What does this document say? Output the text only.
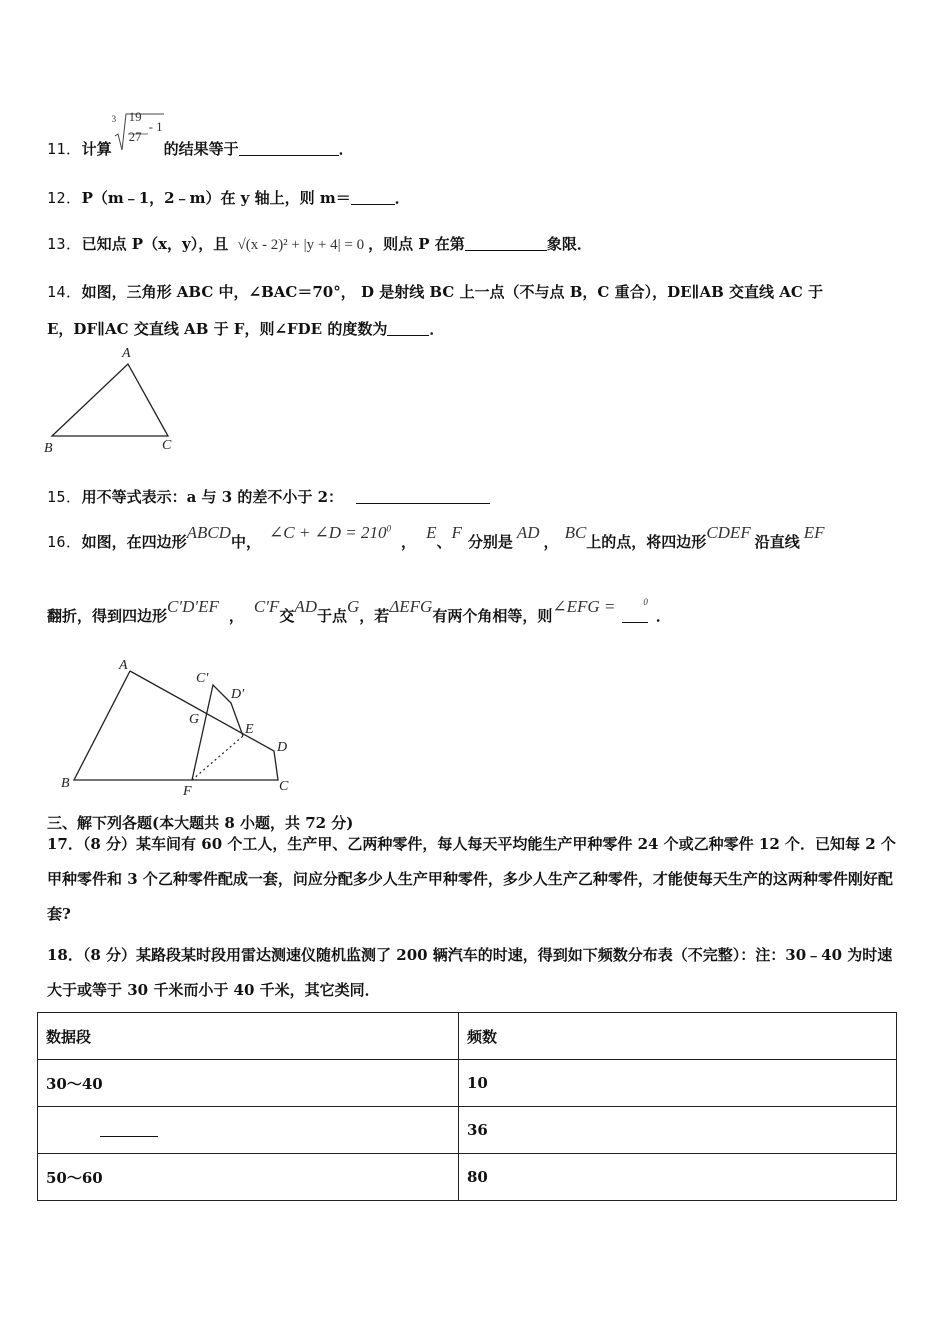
11．计算
3 19
27
- 1
的结果等于	．
12．P（m﹣1，2﹣m）在 y 轴上，则 m＝	．
13．已知点 P（x，y），且 √(x - 2)² + |y + 4| = 0 ，则点 P 在第	象限．
14．如图，三角形 ABC 中，∠BAC＝70°， D 是射线 BC 上一点（不与点 B，C 重合），DE∥AB 交直线 AC 于
E，DF∥AC 交直线 AB 于 F，则∠FDE 的度数为	．
A
B	C
15．用不等式表示：a 与 3 的差不小于 2：
16．如图，在四边形ABCD中， ∠C + ∠D = $210^0$， E、F 分别是 AD ， BC上的点，将四边形CDEF 沿直线 EF
翻折，得到四边形C′D′EF ， C′F交AD于点G，若ΔEFG有两个角相等，则∠EFG =	$^0$．
A
B	C
D
E
F
G
C'
D'
三、解下列各题(本大题共 8 小题，共 72 分)
17．（8 分）某车间有 60 个工人，生产甲、乙两种零件，每人每天平均能生产甲种零件 24 个或乙种零件 12 个．已知每 2 个甲种零件和 3 个乙种零件配成一套，问应分配多少人生产甲种零件，多少人生产乙种零件，才能使每天生产的这两种零件刚好配套?
18．（8 分）某路段某时段用雷达测速仪随机监测了 200 辆汽车的时速，得到如下频数分布表（不完整）：注：30﹣40 为时速大于或等于 30 千米而小于 40 千米，其它类同．
数据段	频数
30～40	10
	36
50～60	80
